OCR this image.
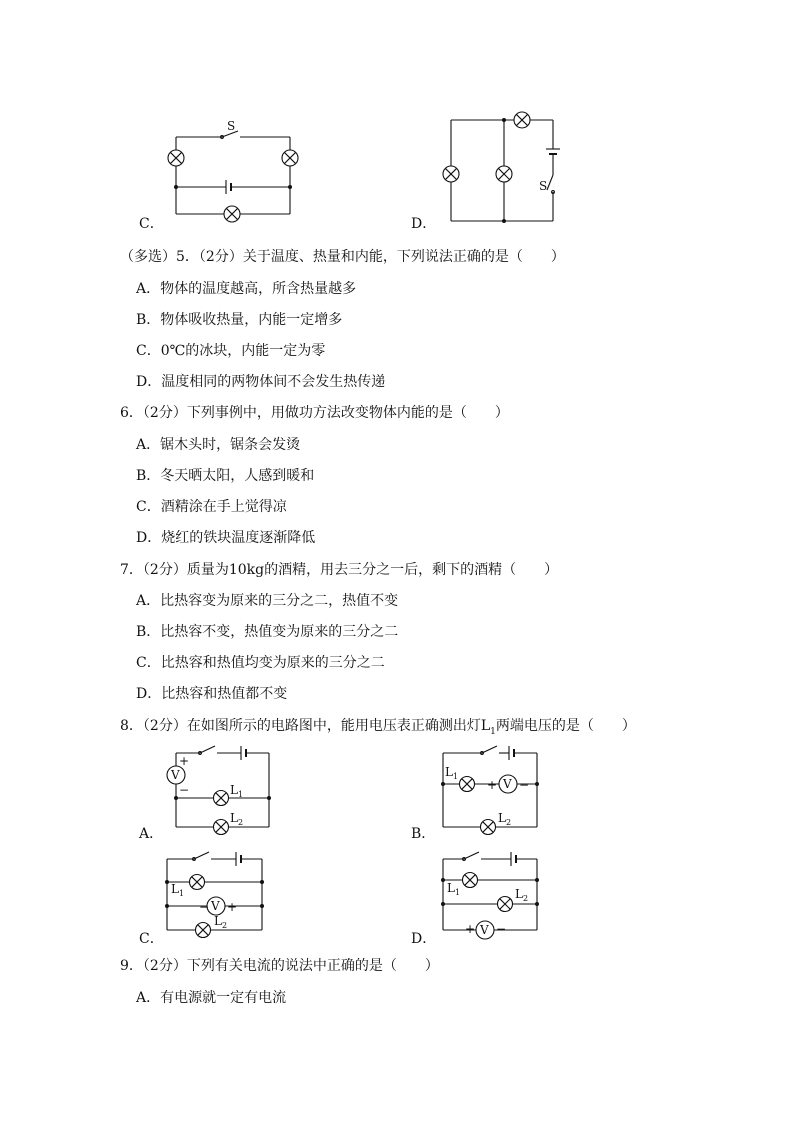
S
C．
S
D．
（多选）5．（2分）关于温度、热量和内能，下列说法正确的是（　　）
A．物体的温度越高，所含热量越多
B．物体吸收热量，内能一定增多
C．0℃的冰块，内能一定为零
D．温度相同的两物体间不会发生热传递
6．（2分）下列事例中，用做功方法改变物体内能的是（　　）
A．锯木头时，锯条会发烫
B．冬天晒太阳，人感到暖和
C．酒精涂在手上觉得凉
D．烧红的铁块温度逐渐降低
7．（2分）质量为10kg的酒精，用去三分之一后，剩下的酒精（　　）
A．比热容变为原来的三分之二，热值不变
B．比热容不变，热值变为原来的三分之二
C．比热容和热值均变为原来的三分之二
D．比热容和热值都不变
8．（2分）在如图所示的电路图中，能用电压表正确测出灯$L_1$两端电压的是（　　）
V
+
−	L 1
L 2
A．
L 1
+ V −
L 2
B．
L 1
− V +
L 2
C．
L 1	L 2
+ V −
D．
9．（2分）下列有关电流的说法中正确的是（　　）
A．有电源就一定有电流
